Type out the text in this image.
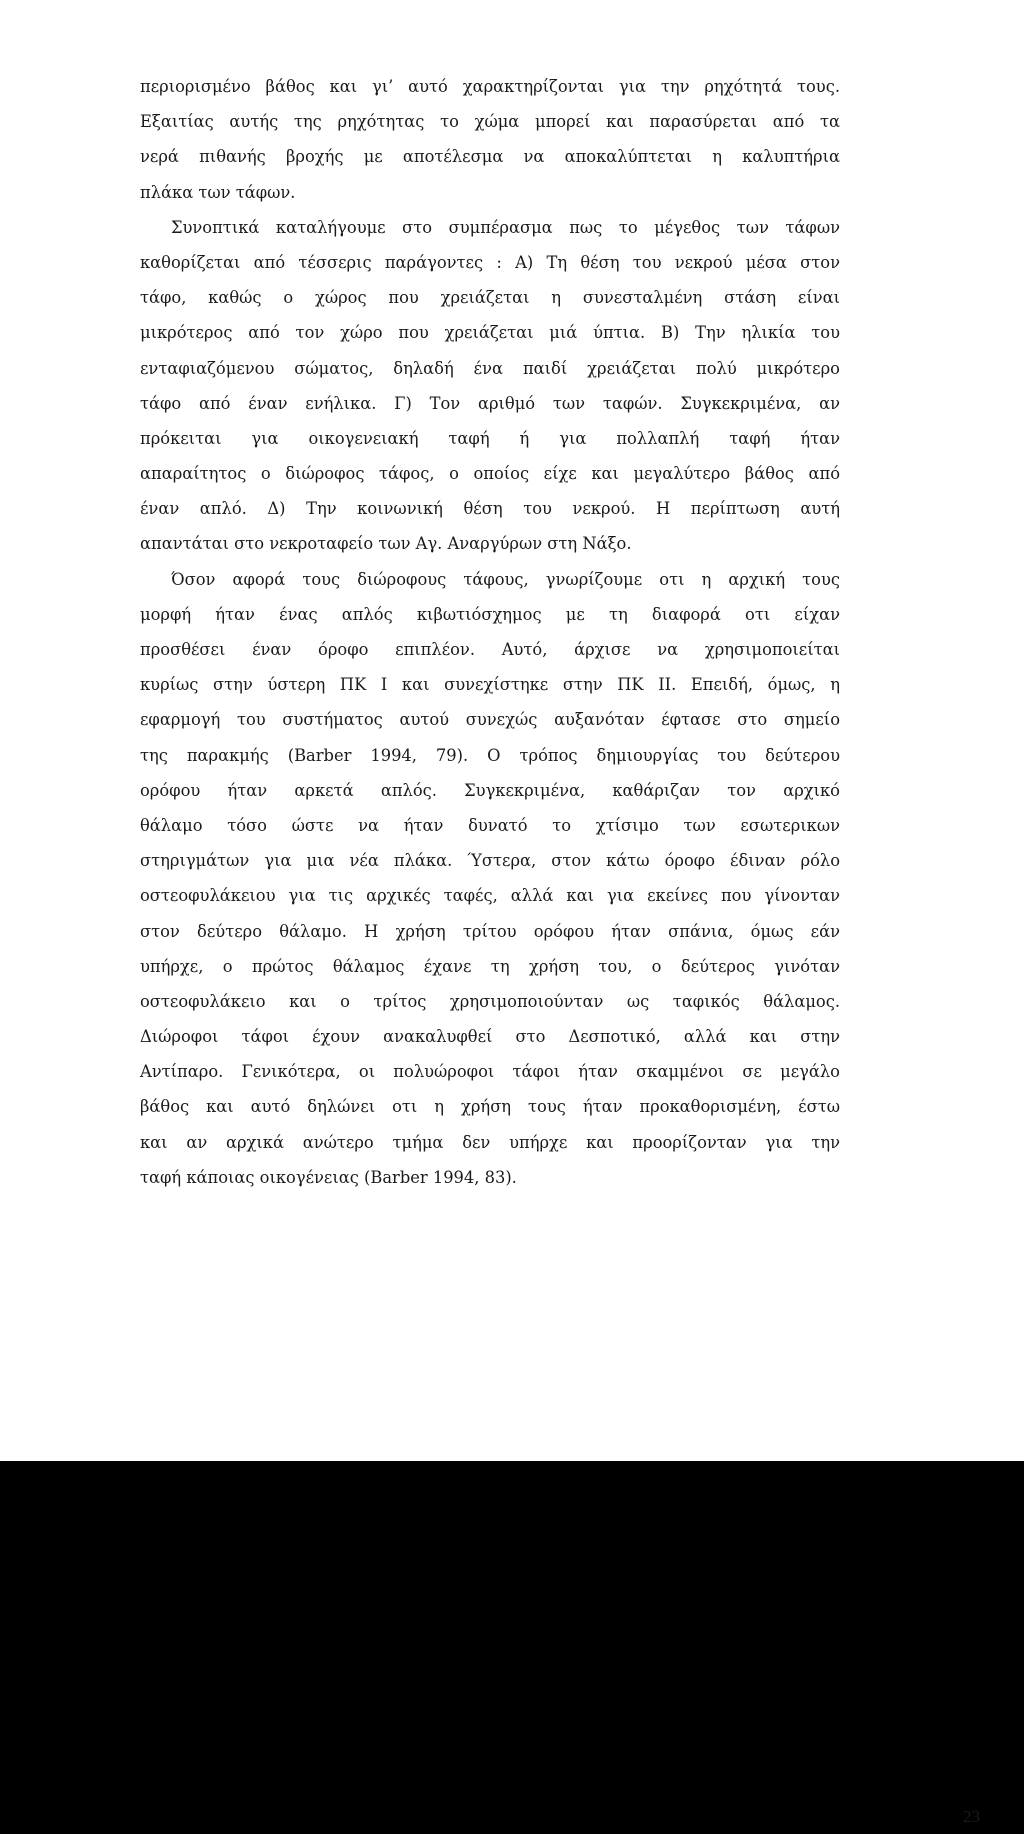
περιορισμένο βάθος και γι’ αυτό χαρακτηρίζονται για την ρηχότητά τους.
Εξαιτίας αυτής της ρηχότητας το χώμα μπορεί και παρασύρεται από τα
νερά πιθανής βροχής με αποτέλεσμα να αποκαλύπτεται η καλυπτήρια
πλάκα των τάφων.
Συνοπτικά καταλήγουμε στο συμπέρασμα πως το μέγεθος των τάφων
καθορίζεται από τέσσερις παράγοντες : Α) Τη θέση του νεκρού μέσα στον
τάφο, καθώς ο χώρος που χρειάζεται η συνεσταλμένη στάση είναι
μικρότερος από τον χώρο που χρειάζεται μιά ύπτια. Β) Την ηλικία του
ενταφιαζόμενου σώματος, δηλαδή ένα παιδί χρειάζεται πολύ μικρότερο
τάφο από έναν ενήλικα. Γ) Τον αριθμό των ταφών. Συγκεκριμένα, αν
πρόκειται για οικογενειακή ταφή ή για πολλαπλή ταφή ήταν
απαραίτητος ο διώροφος τάφος, ο οποίος είχε και μεγαλύτερο βάθος από
έναν απλό. Δ) Την κοινωνική θέση του νεκρού. Η περίπτωση αυτή
απαντάται στο νεκροταφείο των Αγ. Αναργύρων στη Νάξο.
Όσον αφορά τους διώροφους τάφους, γνωρίζουμε οτι η αρχική τους
μορφή ήταν ένας απλός κιβωτιόσχημος με τη διαφορά οτι είχαν
προσθέσει έναν όροφο επιπλέον. Αυτό, άρχισε να χρησιμοποιείται
κυρίως στην ύστερη ΠΚ Ι και συνεχίστηκε στην ΠΚ ΙΙ. Επειδή, όμως, η
εφαρμογή του συστήματος αυτού συνεχώς αυξανόταν έφτασε στο σημείο
της παρακμής (Barber 1994, 79). Ο τρόπος δημιουργίας του δεύτερου
ορόφου ήταν αρκετά απλός. Συγκεκριμένα, καθάριζαν τον αρχικό
θάλαμο τόσο ώστε να ήταν δυνατό το χτίσιμο των εσωτερικων
στηριγμάτων για μια νέα πλάκα. Ύστερα, στον κάτω όροφο έδιναν ρόλο
οστεοφυλάκειου για τις αρχικές ταφές, αλλά και για εκείνες που γίνονταν
στον δεύτερο θάλαμο. Η χρήση τρίτου ορόφου ήταν σπάνια, όμως εάν
υπήρχε, ο πρώτος θάλαμος έχανε τη χρήση του, ο δεύτερος γινόταν
οστεοφυλάκειο και ο τρίτος χρησιμοποιούνταν ως ταφικός θάλαμος.
Διώροφοι τάφοι έχουν ανακαλυφθεί στο Δεσποτικό, αλλά και στην
Αντίπαρο. Γενικότερα, οι πολυώροφοι τάφοι ήταν σκαμμένοι σε μεγάλο
βάθος και αυτό δηλώνει οτι η χρήση τους ήταν προκαθορισμένη, έστω
και αν αρχικά ανώτερο τμήμα δεν υπήρχε και προορίζονταν για την
ταφή κάποιας οικογένειας (Barber 1994, 83).
23
